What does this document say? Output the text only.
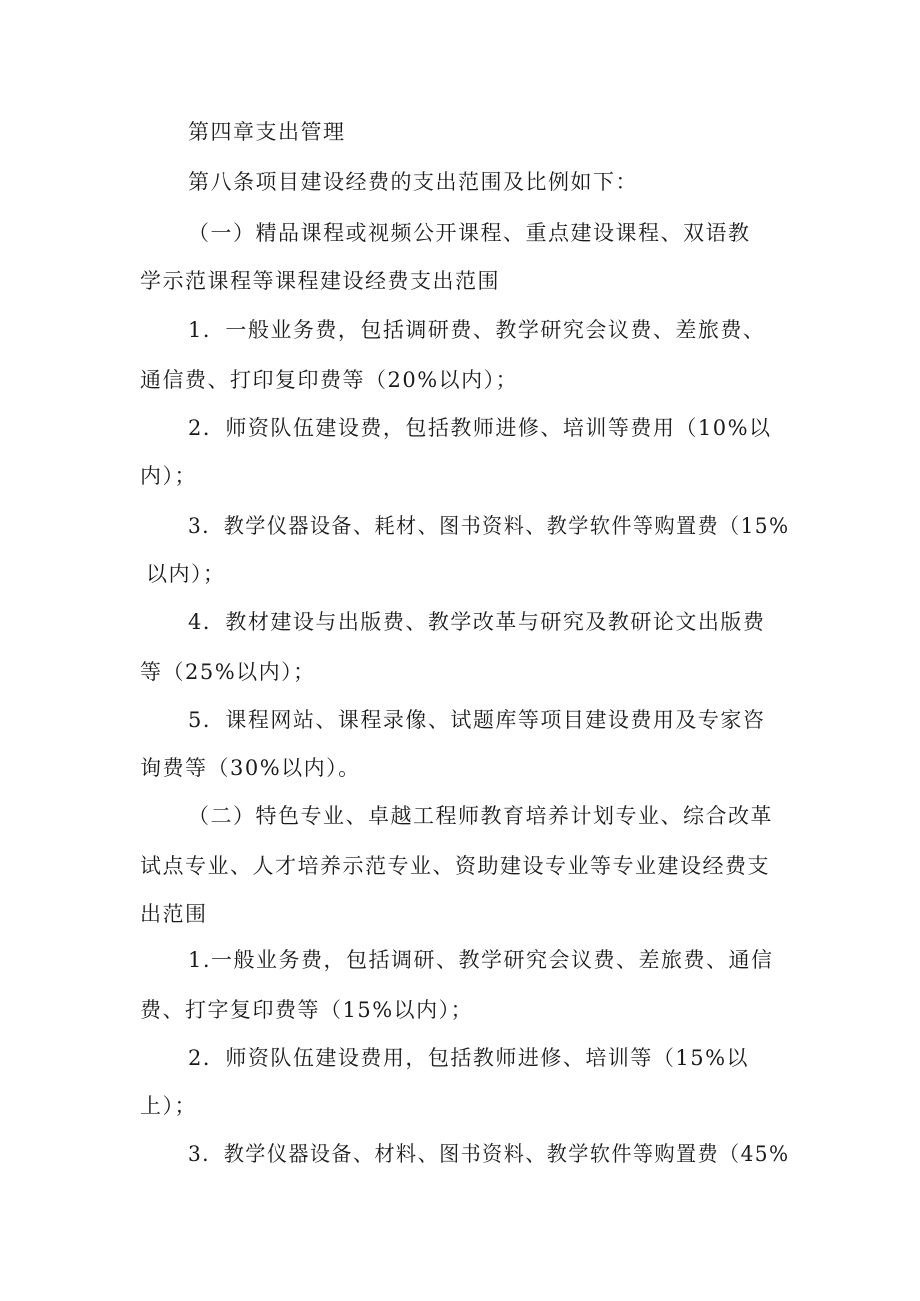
第四章支出管理
第八条项目建设经费的支出范围及比例如下：
（一）精品课程或视频公开课程、重点建设课程、双语教
学示范课程等课程建设经费支出范围
1．一般业务费，包括调研费、教学研究会议费、差旅费、
通信费、打印复印费等（20%以内）；
2．师资队伍建设费，包括教师进修、培训等费用（10%以
内）；
3．教学仪器设备、耗材、图书资料、教学软件等购置费（15%
以内）；
4．教材建设与出版费、教学改革与研究及教研论文出版费
等（25%以内）；
5．课程网站、课程录像、试题库等项目建设费用及专家咨
询费等（30%以内）。
（二）特色专业、卓越工程师教育培养计划专业、综合改革
试点专业、人才培养示范专业、资助建设专业等专业建设经费支
出范围
1.一般业务费，包括调研、教学研究会议费、差旅费、通信
费、打字复印费等（15%以内）；
2．师资队伍建设费用，包括教师进修、培训等（15%以
上）；
3．教学仪器设备、材料、图书资料、教学软件等购置费（45%
